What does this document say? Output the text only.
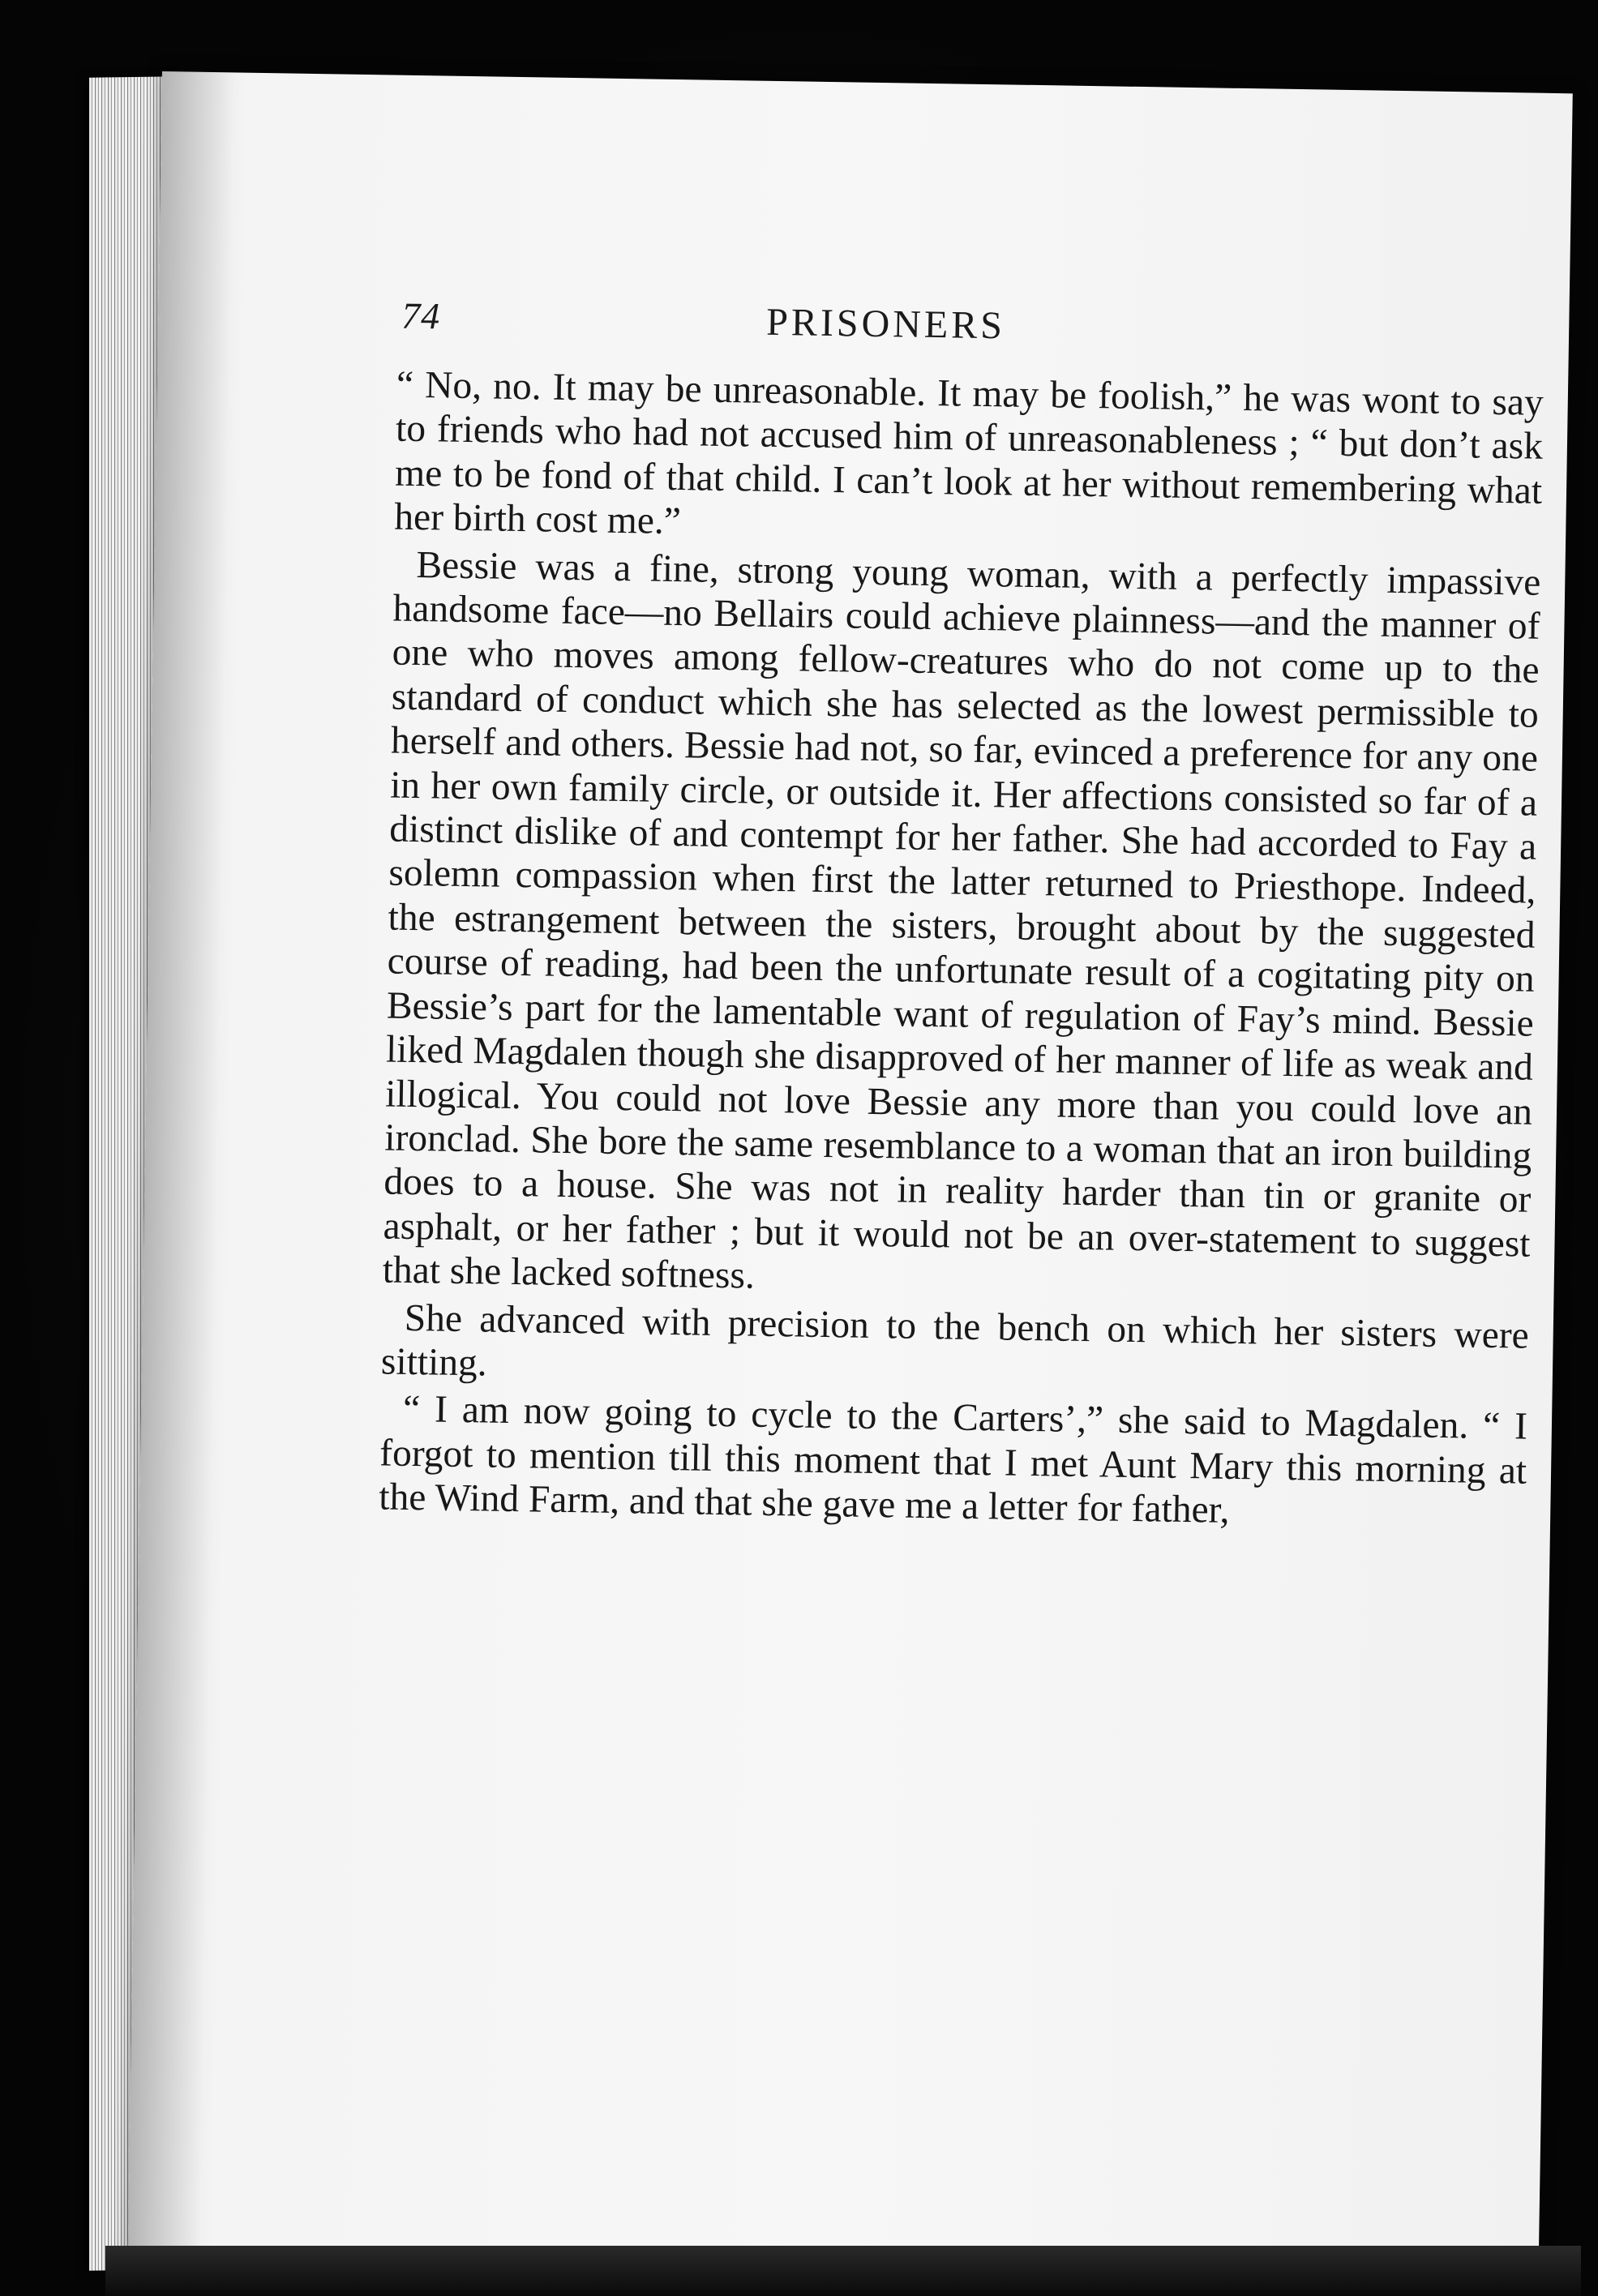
74	PRISONERS

“ No, no. It may be unreasonable. It may be foolish,” he was wont to say to friends who had not accused him of unreasonableness ; “ but don’t ask me to be fond of that child. I can’t look at her without remembering what her birth cost me.”

Bessie was a fine, strong young woman, with a perfectly impassive handsome face—no Bellairs could achieve plainness—and the manner of one who moves among fellow-creatures who do not come up to the standard of conduct which she has selected as the lowest permissible to herself and others. Bessie had not, so far, evinced a preference for any one in her own family circle, or outside it. Her affections consisted so far of a distinct dislike of and contempt for her father. She had accorded to Fay a solemn compassion when first the latter returned to Priesthope. Indeed, the estrangement between the sisters, brought about by the suggested course of reading, had been the unfortunate result of a cogitating pity on Bessie’s part for the lamentable want of regulation of Fay’s mind. Bessie liked Magdalen though she disapproved of her manner of life as weak and illogical. You could not love Bessie any more than you could love an ironclad. She bore the same resemblance to a woman that an iron building does to a house. She was not in reality harder than tin or granite or asphalt, or her father ; but it would not be an over-statement to suggest that she lacked softness.

She advanced with precision to the bench on which her sisters were sitting.

“ I am now going to cycle to the Carters’,” she said to Magdalen. “ I forgot to mention till this moment that I met Aunt Mary this morning at the Wind Farm, and that she gave me a letter for father,
